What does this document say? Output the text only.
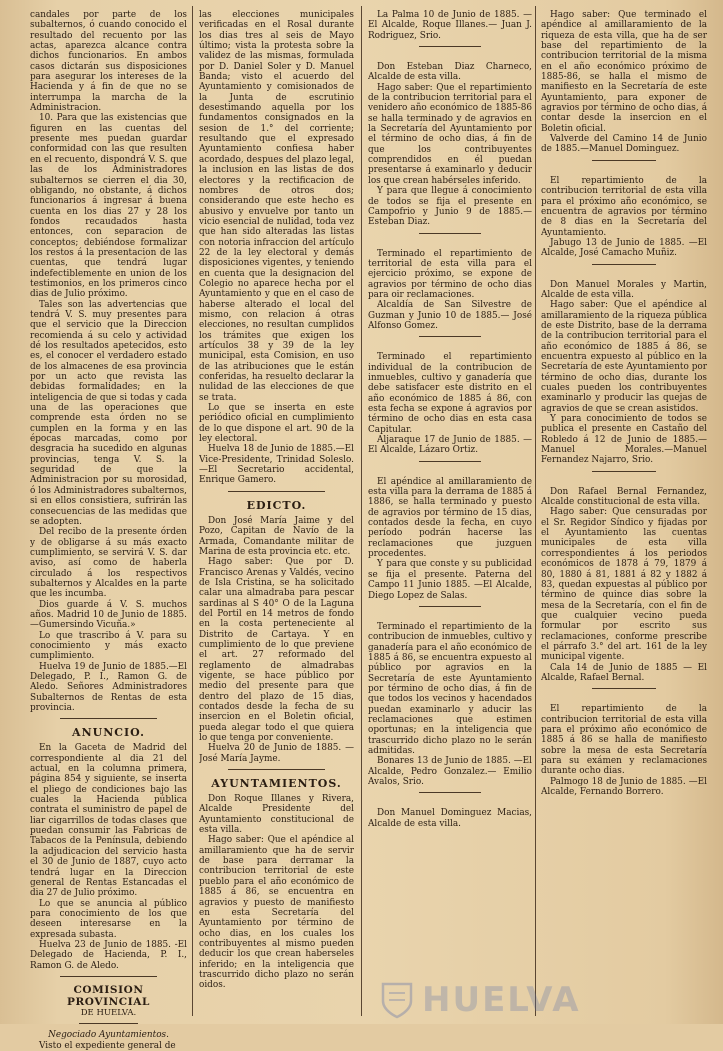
candales por parte de los subalternos, ó cuando conocido el resultado del recuento por las actas, aparezca alcance contra dichos funcionarios. En ambos casos dictarán sus disposiciones para asegurar los intereses de la Hacienda y á fin de que no se interrumpa la marcha de la Administracion.

10. Para que las existencias que figuren en las cuentas del presente mes puedan guardar conformidad con las que resulten en el recuento, dispondrá V. S. que las de los Administradores subalternos se cierren el dia 30, obligando, no obstante, á dichos funcionarios á ingresar á buena cuenta en los dias 27 y 28 los fondos recaudados hasta entonces, con separacion de conceptos; debiéndose formalizar los restos á la presentacion de las cuentas, que tendrá lugar indefectiblemente en union de los testimonios, en los primeros cinco dias de Julio próximo.

Tales son las advertencias que tendrá V. S. muy presentes para que el servicio que la Direccion recomienda á su celo y actividad dé los resultados apetecidos, esto es, el conocer el verdadero estado de los almacenes de esa provincia por un acto que revista las debidas formalidades; en la inteligencia de que si todas y cada una de las operaciones que comprende esta órden no se cumplen en la forma y en las épocas marcadas, como por desgracia ha sucedido en algunas provincias, tenga V. S. la seguridad de que la Administracion por su morosidad, ó los Administradores subalternos, si en ellos consistiera, sufrirán las consecuencias de las medidas que se adopten.

Del recibo de la presente órden y de obligarse á su más exacto cumplimiento, se servirá V. S. dar aviso, así como de haberla circulado á los respectivos subalternos y Alcaldes en la parte que les incumba.

Dios guarde á V. S. muchos años. Madrid 10 de Junio de 1885.—Gumersindo Vicuña.»

Lo que trascribo á V. para su conocimiento y más exacto cumplimiento.

Huelva 19 de Junio de 1885.—El Delegado, P. I., Ramon G. de Aledo. Señores Administradores Subalternos de Rentas de esta provincia.

ANUNCIO.

En la Gaceta de Madrid del correspondiente al dia 21 del actual, en la columna primera, página 854 y siguiente, se inserta el pliego de condiciones bajo las cuales la Hacienda pública contrata el suministro de papel de liar cigarrillos de todas clases que puedan consumir las Fabricas de Tabacos de la Península, debiendo la adjudicacion del servicio hasta el 30 de Junio de 1887, cuyo acto tendrá lugar en la Direccion general de Rentas Estancadas el dia 27 de Julio próximo.

Lo que se anuncia al público para conocimiento de los que deseen interesarse en la expresada subasta.

Huelva 23 de Junio de 1885. -El Delegado de Hacienda, P. I., Ramon G. de Aledo.

COMISION PROVINCIAL
DE HUELVA.
Negociado Ayuntamientos.

Visto el expediente general de

las elecciones municipales verificadas en el Rosal durante los dias tres al seis de Mayo último; vista la protesta sobre la validez de las mismas, formulada por D. Daniel Soler y D. Manuel Banda; visto el acuerdo del Ayuntamiento y comisionados de la Junta de escrutinio desestimando aquella por los fundamentos consignados en la sesion de 1.° del corriente; resultando que el expresado Ayuntamiento confiesa haber acordado, despues del plazo legal, la inclusion en las listas de dos electores y la rectificacion de nombres de otros dos; considerando que este hecho es abusivo y envuelve por tanto un vicio esencial de nulidad, toda vez que han sido alteradas las listas con notoria infraccion del artículo 22 de la ley electoral y demás disposiciones vigentes, y teniendo en cuenta que la designacion del Colegio no aparece hecha por el Ayuntamiento y que en el caso de haberse alterado el local del mismo, con relacion á otras elecciones, no resultan cumplidos los trámites que exigen los artículos 38 y 39 de la ley municipal, esta Comision, en uso de las atribuciones que le están conferidas, ha resuelto declarar la nulidad de las elecciones de que se trata.

Lo que se inserta en este periódico oficial en cumplimiento de lo que dispone el art. 90 de la ley electoral.

Huelva 18 de Junio de 1885.—El Vice-Presidente, Trinidad Soleslo.—El Secretario accidental, Enrique Gamero.

EDICTO.

Don José María Jaime y del Pozo, Capitan de Navío de la Armada, Comandante militar de Marina de esta provincia etc. etc.

Hago saber: Que por D. Francisco Arenas y Valdés, vecino de Isla Cristina, se ha solicitado calar una almadraba para pescar sardinas al S 40° O de la Laguna del Portil en 14 metros de fondo en la costa perteneciente al Distrito de Cartaya. Y en cumplimiento de lo que previene el art. 27 reformado del reglamento de almadrabas vigente, se hace público por medio del presente para que dentro del plazo de 15 dias, contados desde la fecha de su insercion en el Boletin oficial, pueda alegar todo el que quiera lo que tenga por conveniente.

Huelva 20 de Junio de 1885. —José María Jayme.

AYUNTAMIENTOS.

Don Roque Illanes y Rivera, Alcalde Presidente del Ayuntamiento constitucional de esta villa.

Hago saber: Que el apéndice al amillaramiento que ha de servir de base para derramar la contribucion territorial de este pueblo para el año económico de 1885 á 86, se encuentra en agravios y puesto de manifiesto en esta Secretaría del Ayuntamiento por término de ocho dias, en los cuales los contribuyentes al mismo pueden deducir los que crean haberseles inferido; en la inteligencia que trascurrido dicho plazo no serán oidos.

La Palma 10 de Junio de 1885. —El Alcalde, Roque Illanes.— Juan J. Rodriguez, Srio.

Don Esteban Diaz Charneco, Alcalde de esta villa.

Hago saber: Que el repartimiento de la contribucion territorial para el venidero año económico de 1885-86 se halla terminado y de agravios en la Secretaría del Ayuntamiento por el término de ocho dias, á fin de que los contribuyentes comprendidos en él puedan presentarse á examinarlo y deducir los que crean habérseles inferido.

Y para que llegue á conocimiento de todos se fija el presente en Campofrio y Junio 9 de 1885.—Esteban Diaz.

Terminado el repartimiento de territorial de esta villa para el ejercicio próximo, se expone de agravios por término de ocho dias para oir reclamaciones.

Alcaldía de San Silvestre de Guzman y Junio 10 de 1885.— José Alfonso Gomez.

Terminado el repartimiento individual de la contribucion de inmuebles, cultivo y ganadería que debe satisfacer este distrito en el año económico de 1885 á 86, con esta fecha se expone á agravios por término de ocho dias en esta casa Capitular.

Aljaraque 17 de Junio de 1885. —El Alcalde, Lázaro Ortiz.

El apéndice al amillaramiento de esta villa para la derrama de 1885 á 1886, se halla terminado y puesto de agravios por término de 15 dias, contados desde la fecha, en cuyo período podrán hacerse las reclamaciones que juzguen procedentes.

Y para que conste y su publicidad se fija el presente. Paterna del Campo 11 Junio 1885. —El Alcalde, Diego Lopez de Salas.

Terminado el repartimiento de la contribucion de inmuebles, cultivo y ganadería para el año económico de 1885 á 86, se encuentra expuesto al público por agravios en la Secretaría de este Ayuntamiento por término de ocho dias, á fin de que todos los vecinos y hacendados puedan examinarlo y aducir las reclamaciones que estimen oportunas; en la inteligencia que trascurrido dicho plazo no le serán admitidas.

Bonares 13 de Junio de 1885. —El Alcalde, Pedro Gonzalez.— Emilio Avalos, Srio.

Don Manuel Dominguez Macias, Alcalde de esta villa.

Hago saber: Que terminado el apéndice al amillaramiento de la riqueza de esta villa, que ha de ser base del repartimiento de la contribucion territorial de la misma en el año económico próximo de 1885-86, se halla el mismo de manifiesto en la Secretaría de este Ayuntamiento, para exponer de agravios por término de ocho dias, á contar desde la insercion en el Boletin oficial.

Valverde del Camino 14 de Junio de 1885.—Manuel Dominguez.

El repartimiento de la contribucion territorial de esta villa para el próximo año económico, se encuentra de agravios por término de 8 dias en la Secretaría del Ayuntamiento.

Jabugo 13 de Junio de 1885. —El Alcalde, José Camacho Muñiz.

Don Manuel Morales y Martin, Alcalde de esta villa.

Hago saber: Que el apéndice al amillaramiento de la riqueza pública de este Distrito, base de la derrama de la contribucion territorial para el año económico de 1885 á 86, se encuentra expuesto al público en la Secretaría de este Ayuntamiento por término de ocho dias, durante los cuales pueden los contribuyentes examinarlo y producir las quejas de agravios de que se crean asistidos.

Y para conocimiento de todos se publica el presente en Castaño del Robledo á 12 de Junio de 1885.—Manuel Morales.—Manuel Fernandez Najarro, Srio.

Don Rafael Bernal Fernandez, Alcalde constitucional de esta villa.

Hago saber: Que censuradas por el Sr. Regidor Síndico y fijadas por el Ayuntamiento las cuentas municipales de esta villa correspondientes á los periodos económicos de 1878 á 79, 1879 á 80, 1880 á 81, 1881 á 82 y 1882 á 83, quedan expuestas al público por término de quince dias sobre la mesa de la Secretaría, con el fin de que cualquier vecino pueda formular por escrito sus reclamaciones, conforme prescribe el párrafo 3.° del art. 161 de la ley municipal vigente.

Cala 14 de Junio de 1885 — El Alcalde, Rafael Bernal.

El repartimiento de la contribucion territorial de esta villa para el próximo año económico de 1885 á 86 se halla de manifiesto sobre la mesa de esta Secretaría para su exámen y reclamaciones durante ocho dias.

Palmogo 18 de Junio de 1885. —El Alcalde, Fernando Borrero.

HUELVA
